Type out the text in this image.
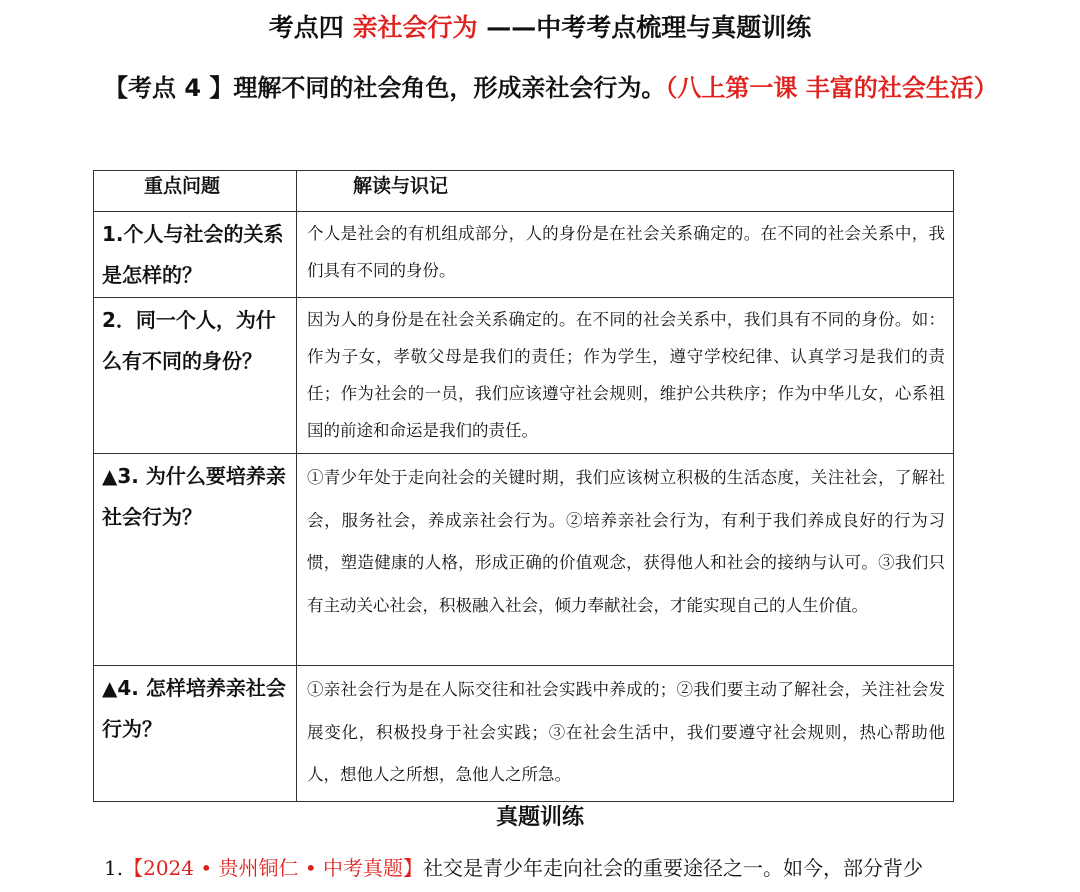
考点四 亲社会行为 ——中考考点梳理与真题训练
【考点 4 】理解不同的社会角色，形成亲社会行为。（八上第一课 丰富的社会生活）
重点问题	解读与识记
1.个人与社会的关系是怎样的？	个人是社会的有机组成部分，人的身份是在社会关系确定的。在不同的社会关系中，我们具有不同的身份。
2．同一个人，为什么有不同的身份？	因为人的身份是在社会关系确定的。在不同的社会关系中，我们具有不同的身份。如：作为子女，孝敬父母是我们的责任；作为学生，遵守学校纪律、认真学习是我们的责任；作为社会的一员，我们应该遵守社会规则，维护公共秩序；作为中华儿女，心系祖国的前途和命运是我们的责任。
▲3. 为什么要培养亲社会行为？	①青少年处于走向社会的关键时期，我们应该树立积极的生活态度，关注社会，了解社会，服务社会，养成亲社会行为。②培养亲社会行为，有利于我们养成良好的行为习惯，塑造健康的人格，形成正确的价值观念，获得他人和社会的接纳与认可。③我们只有主动关心社会，积极融入社会，倾力奉献社会，才能实现自己的人生价值。
▲4. 怎样培养亲社会行为？	①亲社会行为是在人际交往和社会实践中养成的；②我们要主动了解社会，关注社会发展变化，积极投身于社会实践；③在社会生活中，我们要遵守社会规则，热心帮助他人，想他人之所想，急他人之所急。
真题训练
1.【2024 • 贵州铜仁 • 中考真题】社交是青少年走向社会的重要途径之一。如今，部分背少
